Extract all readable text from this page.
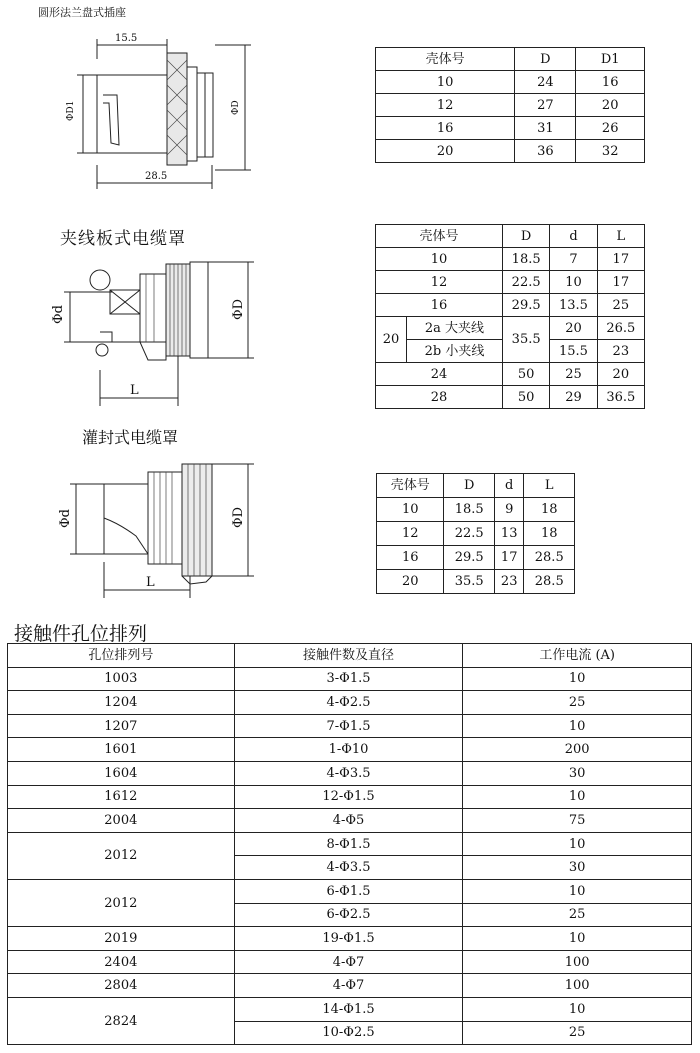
圆形法兰盘式插座
15.5
28.5
ΦD1	ΦD
壳体号	D	D1
10	24	16
12	27	20
16	31	26
20	36	32
夹线板式电缆罩
Φd	ΦD
L
壳体号		D	d	L
10		18.5	7	17
12		22.5	10	17
16		29.5	13.5	25
20	2a 大夹线	35.5	20	26.5
	2b 小夹线		15.5	23
24		50	25	20
28		50	29	36.5
灌封式电缆罩
Φd	ΦD
L
壳体号	D	d	L
10	18.5	9	18
12	22.5	13	18
16	29.5	17	28.5
20	35.5	23	28.5
接触件孔位排列
孔位排列号	接触件数及直径	工作电流 (A)
1003	3-Φ1.5	10
1204	4-Φ2.5	25
1207	7-Φ1.5	10
1601	1-Φ10	200
1604	4-Φ3.5	30
1612	12-Φ1.5	10
2004	4-Φ5	75
2012	8-Φ1.5	10
	4-Φ3.5	30
2012	6-Φ1.5	10
	6-Φ2.5	25
2019	19-Φ1.5	10
2404	4-Φ7	100
2804	4-Φ7	100
2824	14-Φ1.5	10
	10-Φ2.5	25
